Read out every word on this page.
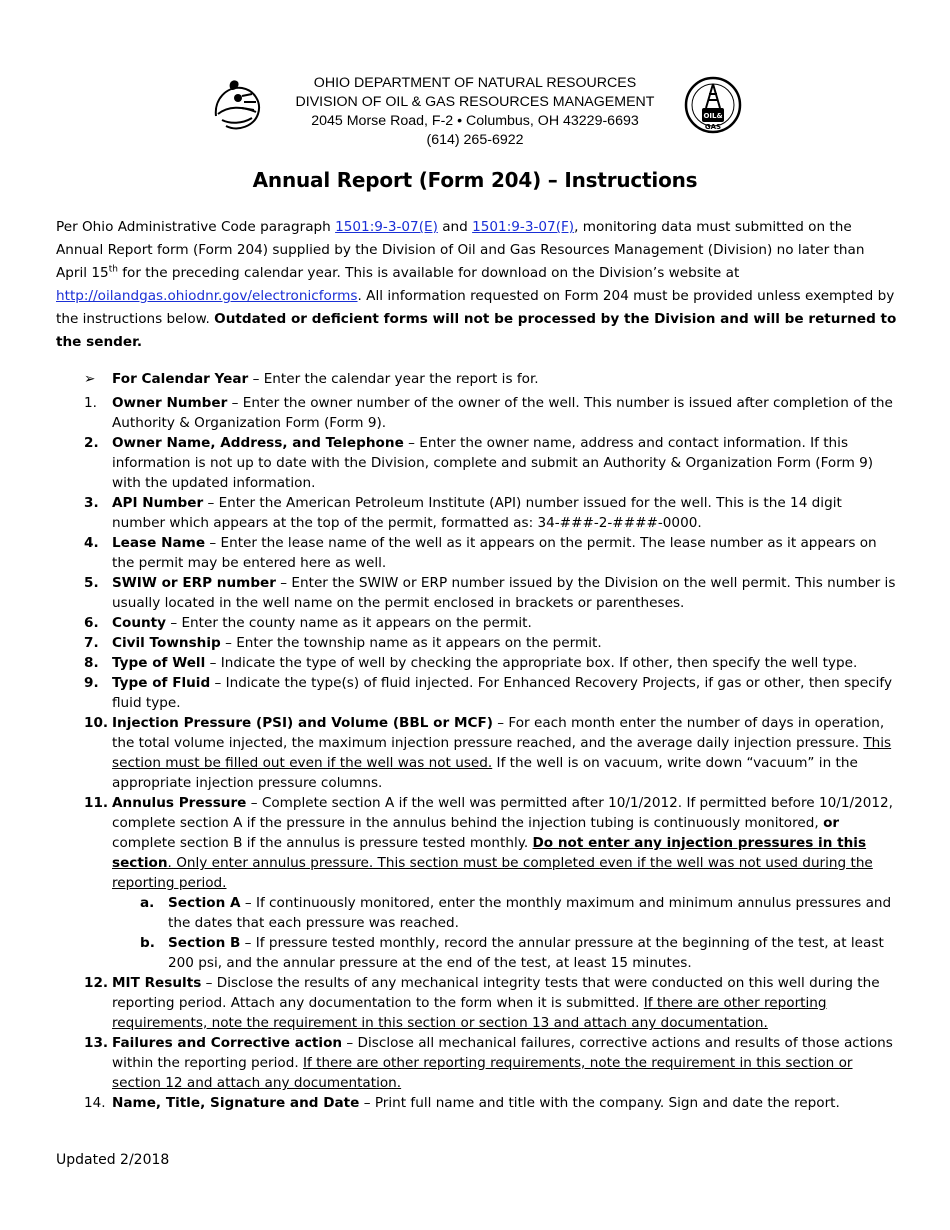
OHIO DEPARTMENT OF NATURAL RESOURCES
DIVISION OF OIL & GAS RESOURCES MANAGEMENT
2045 Morse Road, F-2 • Columbus, OH 43229-6693
(614) 265-6922
OIL&
GAS
Annual Report (Form 204) – Instructions
Per Ohio Administrative Code paragraph 1501:9-3-07(E) and 1501:9-3-07(F), monitoring data must submitted on the Annual Report form (Form 204) supplied by the Division of Oil and Gas Resources Management (Division) no later than April 15th for the preceding calendar year. This is available for download on the Division’s website at http://oilandgas.ohiodnr.gov/electronicforms. All information requested on Form 204 must be provided unless exempted by the instructions below. Outdated or deficient forms will not be processed by the Division and will be returned to the sender.
➢	For Calendar Year – Enter the calendar year the report is for.
1.	Owner Number – Enter the owner number of the owner of the well. This number is issued after completion of the Authority & Organization Form (Form 9).
2. Owner Name, Address, and Telephone – Enter the owner name, address and contact information. If this information is not up to date with the Division, complete and submit an Authority & Organization Form (Form 9) with the updated information.
3. API Number – Enter the American Petroleum Institute (API) number issued for the well. This is the 14 digit number which appears at the top of the permit, formatted as: 34-###-2-####-0000.
4. Lease Name – Enter the lease name of the well as it appears on the permit. The lease number as it appears on the permit may be entered here as well.
5. SWIW or ERP number – Enter the SWIW or ERP number issued by the Division on the well permit. This number is usually located in the well name on the permit enclosed in brackets or parentheses.
6. County – Enter the county name as it appears on the permit.
7. Civil Township – Enter the township name as it appears on the permit.
8. Type of Well – Indicate the type of well by checking the appropriate box. If other, then specify the well type.
9. Type of Fluid – Indicate the type(s) of fluid injected. For Enhanced Recovery Projects, if gas or other, then specify fluid type.
10. Injection Pressure (PSI) and Volume (BBL or MCF) – For each month enter the number of days in operation, the total volume injected, the maximum injection pressure reached, and the average daily injection pressure. This section must be filled out even if the well was not used. If the well is on vacuum, write down “vacuum” in the appropriate injection pressure columns.
11. Annulus Pressure – Complete section A if the well was permitted after 10/1/2012. If permitted before 10/1/2012, complete section A if the pressure in the annulus behind the injection tubing is continuously monitored, or complete section B if the annulus is pressure tested monthly. Do not enter any injection pressures in this section. Only enter annulus pressure. This section must be completed even if the well was not used during the reporting period.
a. Section A – If continuously monitored, enter the monthly maximum and minimum annulus pressures and the dates that each pressure was reached.
b. Section B – If pressure tested monthly, record the annular pressure at the beginning of the test, at least 200 psi, and the annular pressure at the end of the test, at least 15 minutes.
12. MIT Results – Disclose the results of any mechanical integrity tests that were conducted on this well during the reporting period. Attach any documentation to the form when it is submitted. If there are other reporting requirements, note the requirement in this section or section 13 and attach any documentation.
13. Failures and Corrective action – Disclose all mechanical failures, corrective actions and results of those actions within the reporting period. If there are other reporting requirements, note the requirement in this section or section 12 and attach any documentation.
14. Name, Title, Signature and Date – Print full name and title with the company. Sign and date the report.
Updated 2/2018
